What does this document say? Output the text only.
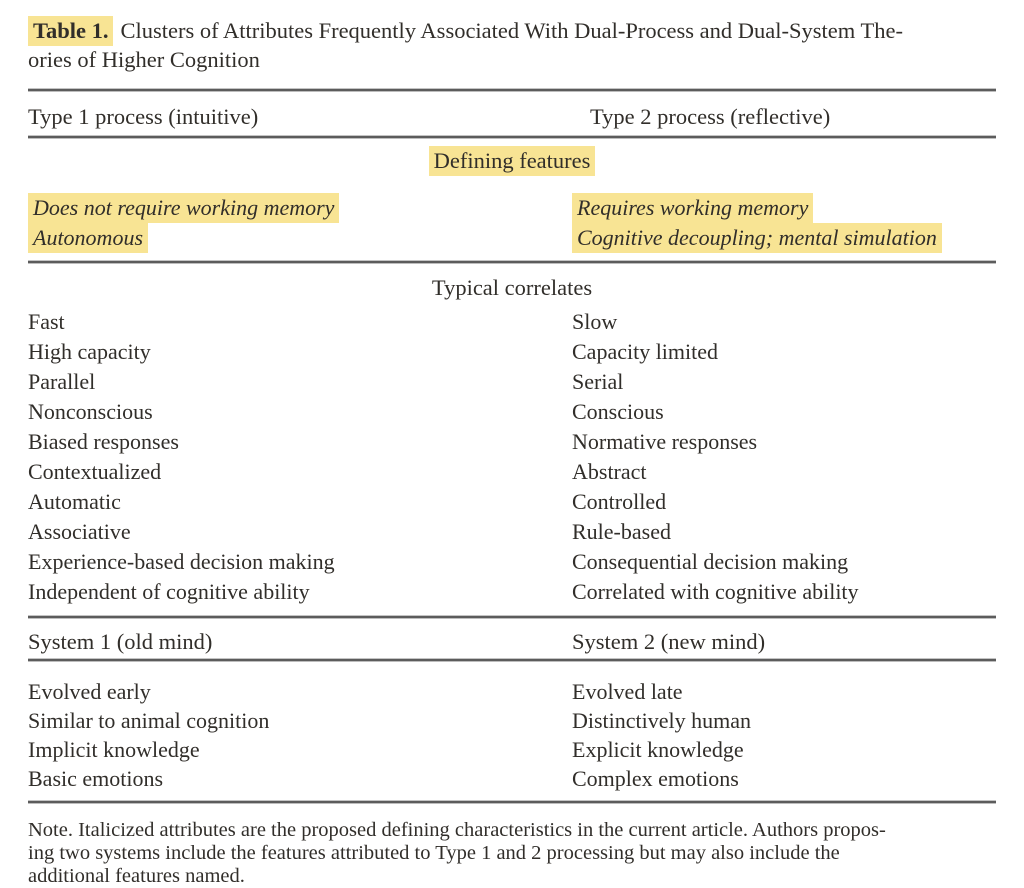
Table 1. Clusters of Attributes Frequently Associated With Dual-Process and Dual-System The-
ories of Higher Cognition
Type 1 process (intuitive)	Type 2 process (reflective)
Defining features
Does not require working memory	Requires working memory
Autonomous	Cognitive decoupling; mental simulation
Typical correlates
Fast	Slow
High capacity	Capacity limited
Parallel	Serial
Nonconscious	Conscious
Biased responses	Normative responses
Contextualized	Abstract
Automatic	Controlled
Associative	Rule-based
Experience-based decision making	Consequential decision making
Independent of cognitive ability	Correlated with cognitive ability
System 1 (old mind)	System 2 (new mind)
Evolved early	Evolved late
Similar to animal cognition	Distinctively human
Implicit knowledge	Explicit knowledge
Basic emotions	Complex emotions
Note. Italicized attributes are the proposed defining characteristics in the current article. Authors propos-
ing two systems include the features attributed to Type 1 and 2 processing but may also include the
additional features named.
